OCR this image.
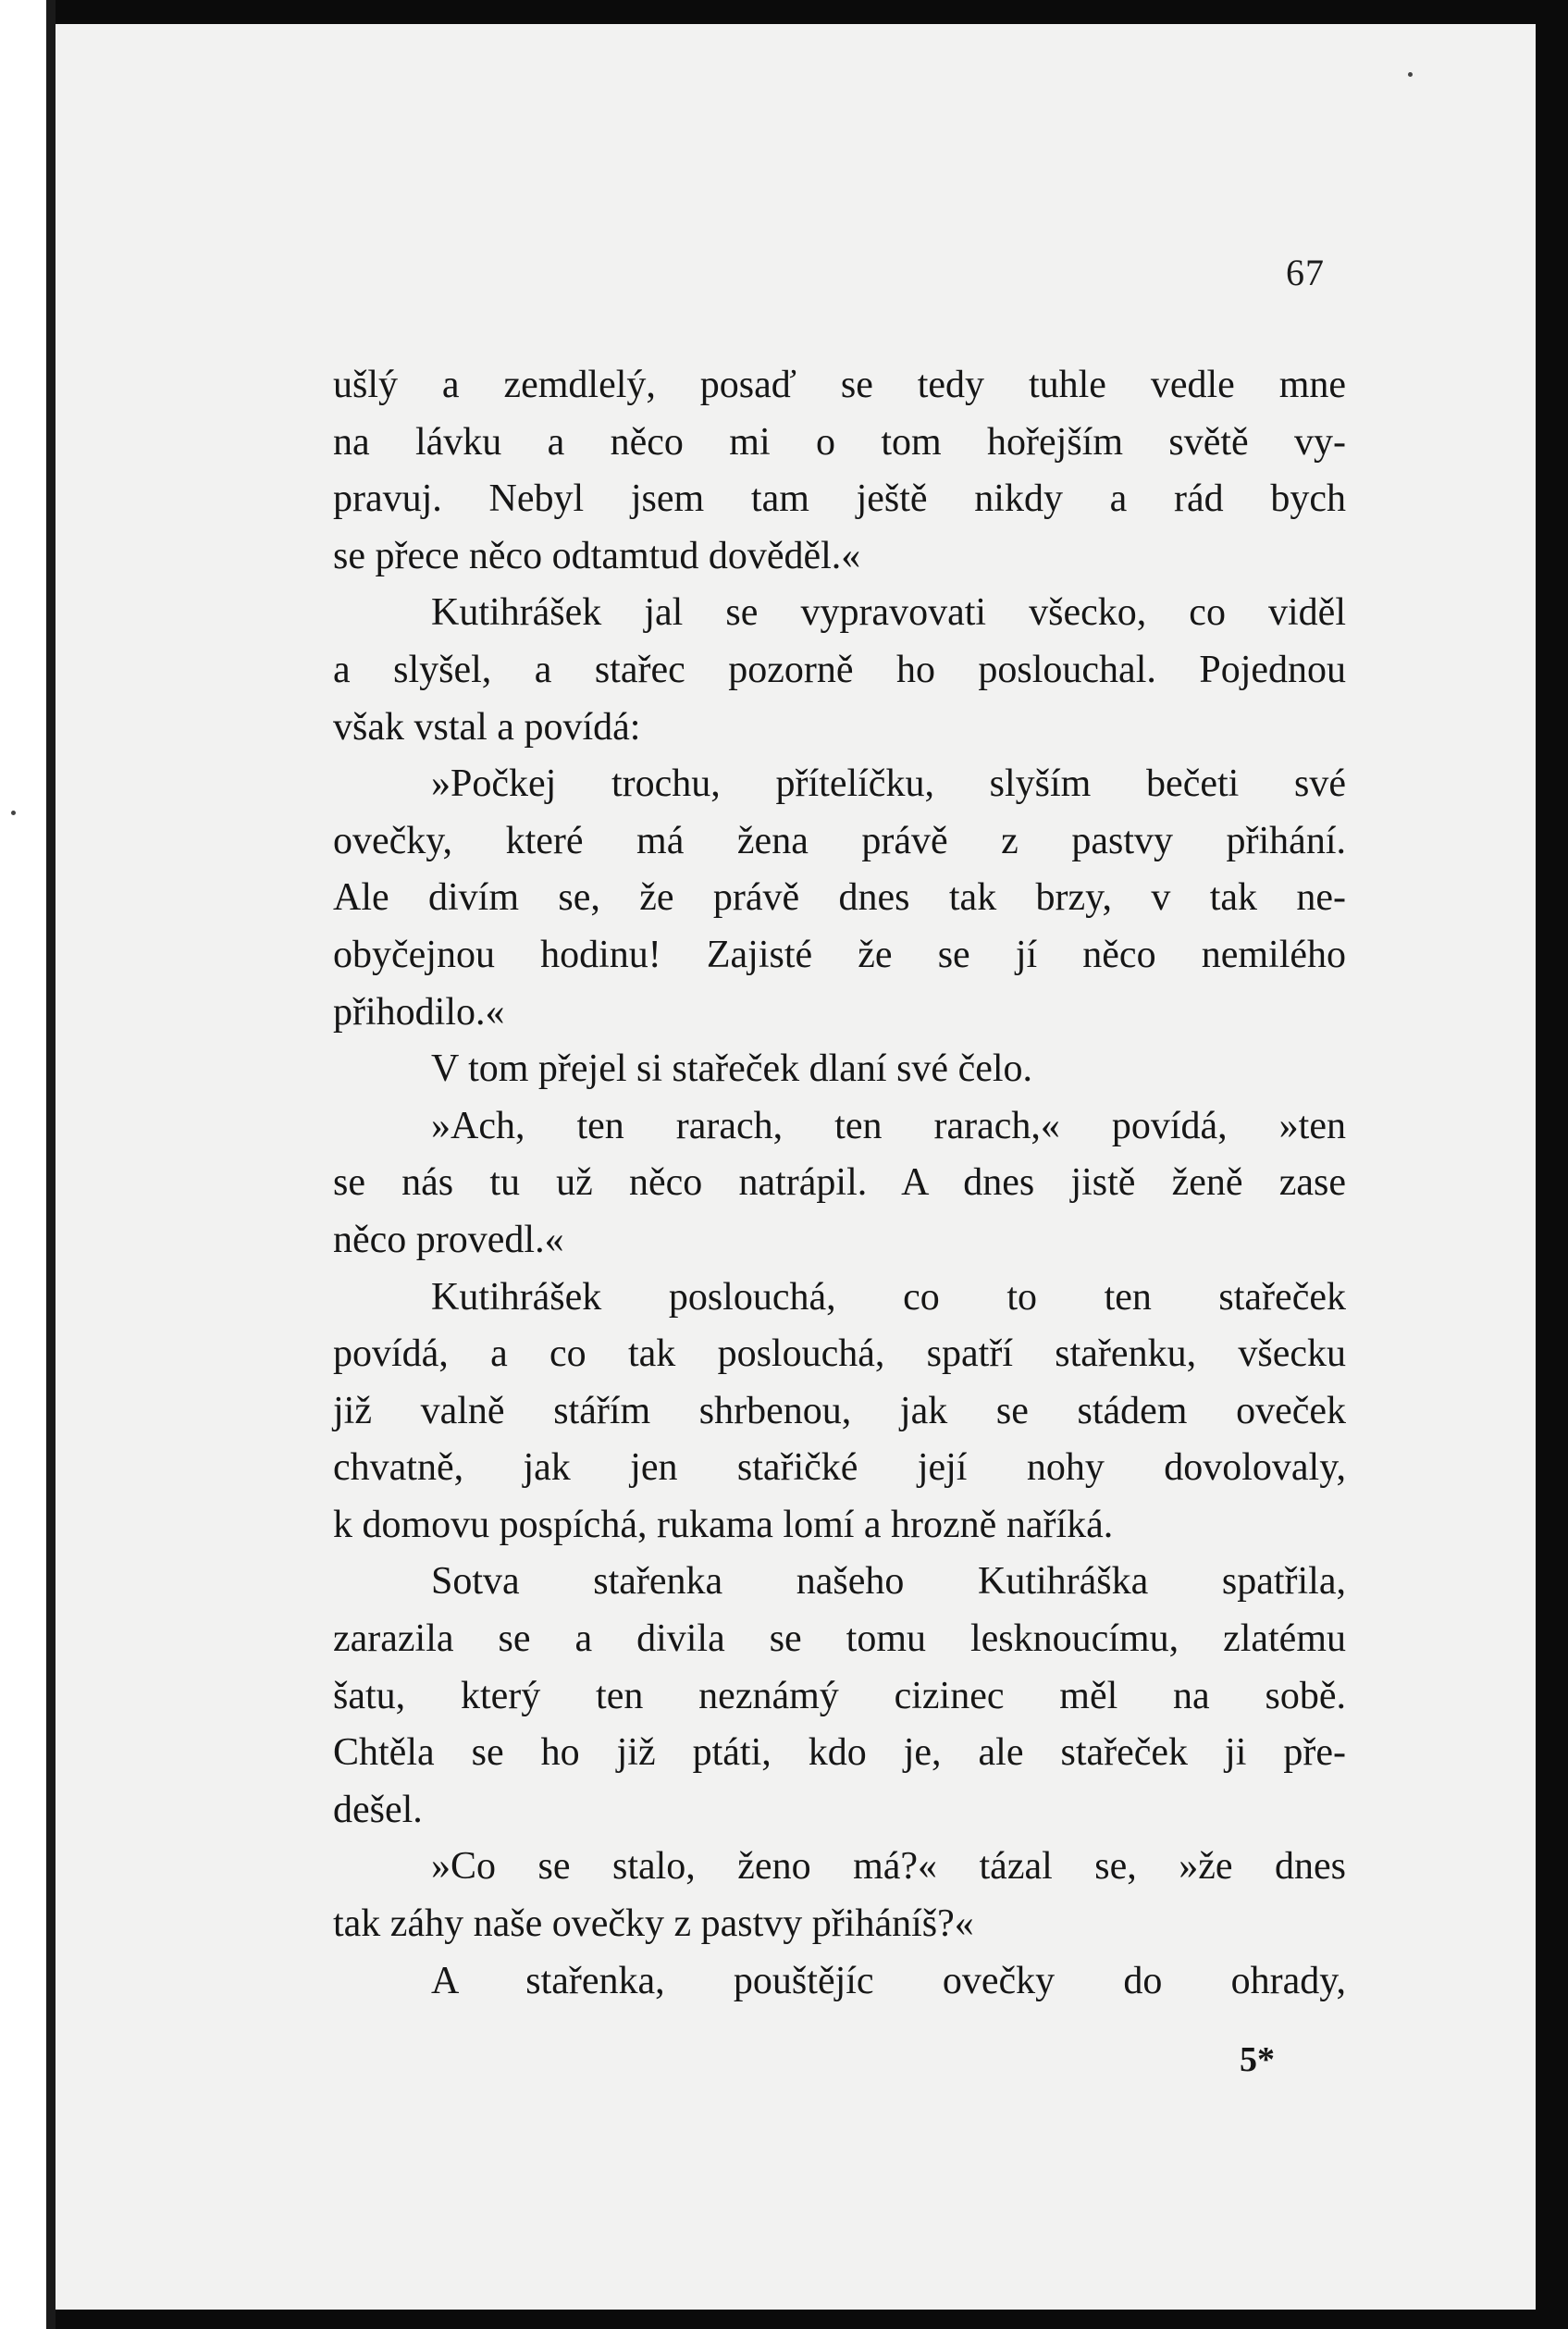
67
ušlý a zemdlelý, posaď se tedy tuhle vedle mne
na lávku a něco mi o tom hořejším světě vy-
pravuj. Nebyl jsem tam ještě nikdy a rád bych
se přece něco odtamtud dověděl.«
Kutihrášek jal se vypravovati všecko, co viděl
a slyšel, a stařec pozorně ho poslouchal. Pojednou
však vstal a povídá:
»Počkej trochu, přítelíčku, slyším bečeti své
ovečky, které má žena právě z pastvy přihání.
Ale divím se, že právě dnes tak brzy, v tak ne-
obyčejnou hodinu! Zajisté že se jí něco nemilého
přihodilo.«
V tom přejel si stařeček dlaní své čelo.
»Ach, ten rarach, ten rarach,« povídá, »ten
se nás tu už něco natrápil. A dnes jistě ženě zase
něco provedl.«
Kutihrášek poslouchá, co to ten stařeček
povídá, a co tak poslouchá, spatří stařenku, všecku
již valně stářím shrbenou, jak se stádem oveček
chvatně, jak jen stařičké její nohy dovolovaly,
k domovu pospíchá, rukama lomí a hrozně naříká.
Sotva stařenka našeho Kutihráška spatřila,
zarazila se a divila se tomu lesknoucímu, zlatému
šatu, který ten neznámý cizinec měl na sobě.
Chtěla se ho již ptáti, kdo je, ale stařeček ji pře-
dešel.
»Co se stalo, ženo má?« tázal se, »že dnes
tak záhy naše ovečky z pastvy přiháníš?«
A stařenka, pouštějíc ovečky do ohrady,
5*
